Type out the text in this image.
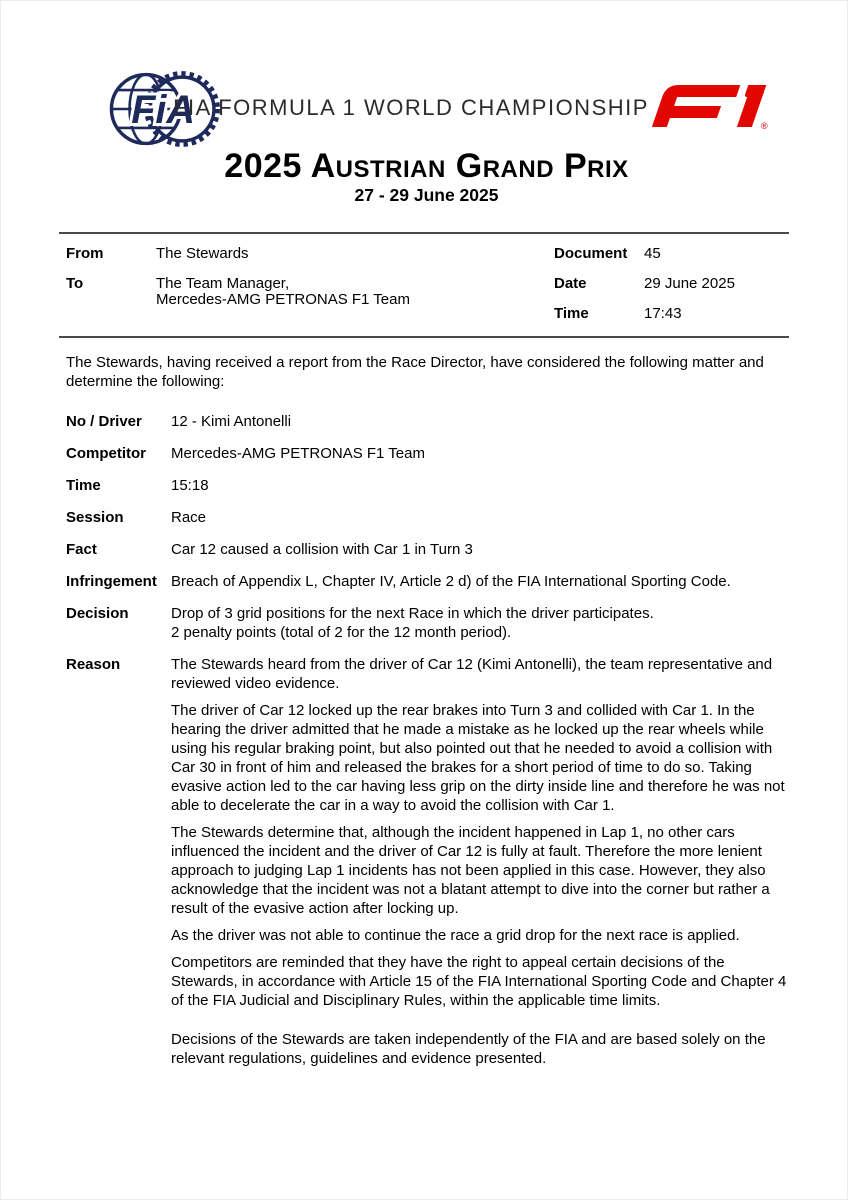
FiA
FIA FORMULA 1 WORLD CHAMPIONSHIP
®
2025 Austrian Grand Prix
27 - 29 June 2025
From	The Stewards
To	The Team Manager,
Mercedes-AMG PETRONAS F1 Team
Document	45
Date	29 June 2025
Time	17:43

The Stewards, having received a report from the Race Director, have considered the following matter and determine the following:

No / Driver	12 - Kimi Antonelli
Competitor	Mercedes-AMG PETRONAS F1 Team
Time	15:18
Session	Race
Fact	Car 12 caused a collision with Car 1 in Turn 3
Infringement Breach of Appendix L, Chapter IV, Article 2 d) of the FIA International Sporting Code.
Decision	Drop of 3 grid positions for the next Race in which the driver participates.
2 penalty points (total of 2 for the 12 month period).
Reason	The Stewards heard from the driver of Car 12 (Kimi Antonelli), the team representative and reviewed video evidence.

The driver of Car 12 locked up the rear brakes into Turn 3 and collided with Car 1. In the hearing the driver admitted that he made a mistake as he locked up the rear wheels while using his regular braking point, but also pointed out that he needed to avoid a collision with Car 30 in front of him and released the brakes for a short period of time to do so. Taking evasive action led to the car having less grip on the dirty inside line and therefore he was not able to decelerate the car in a way to avoid the collision with Car 1.

The Stewards determine that, although the incident happened in Lap 1, no other cars influenced the incident and the driver of Car 12 is fully at fault. Therefore the more lenient approach to judging Lap 1 incidents has not been applied in this case. However, they also acknowledge that the incident was not a blatant attempt to dive into the corner but rather a result of the evasive action after locking up.

As the driver was not able to continue the race a grid drop for the next race is applied.

Competitors are reminded that they have the right to appeal certain decisions of the Stewards, in accordance with Article 15 of the FIA International Sporting Code and Chapter 4 of the FIA Judicial and Disciplinary Rules, within the applicable time limits.

Decisions of the Stewards are taken independently of the FIA and are based solely on the relevant regulations, guidelines and evidence presented.
